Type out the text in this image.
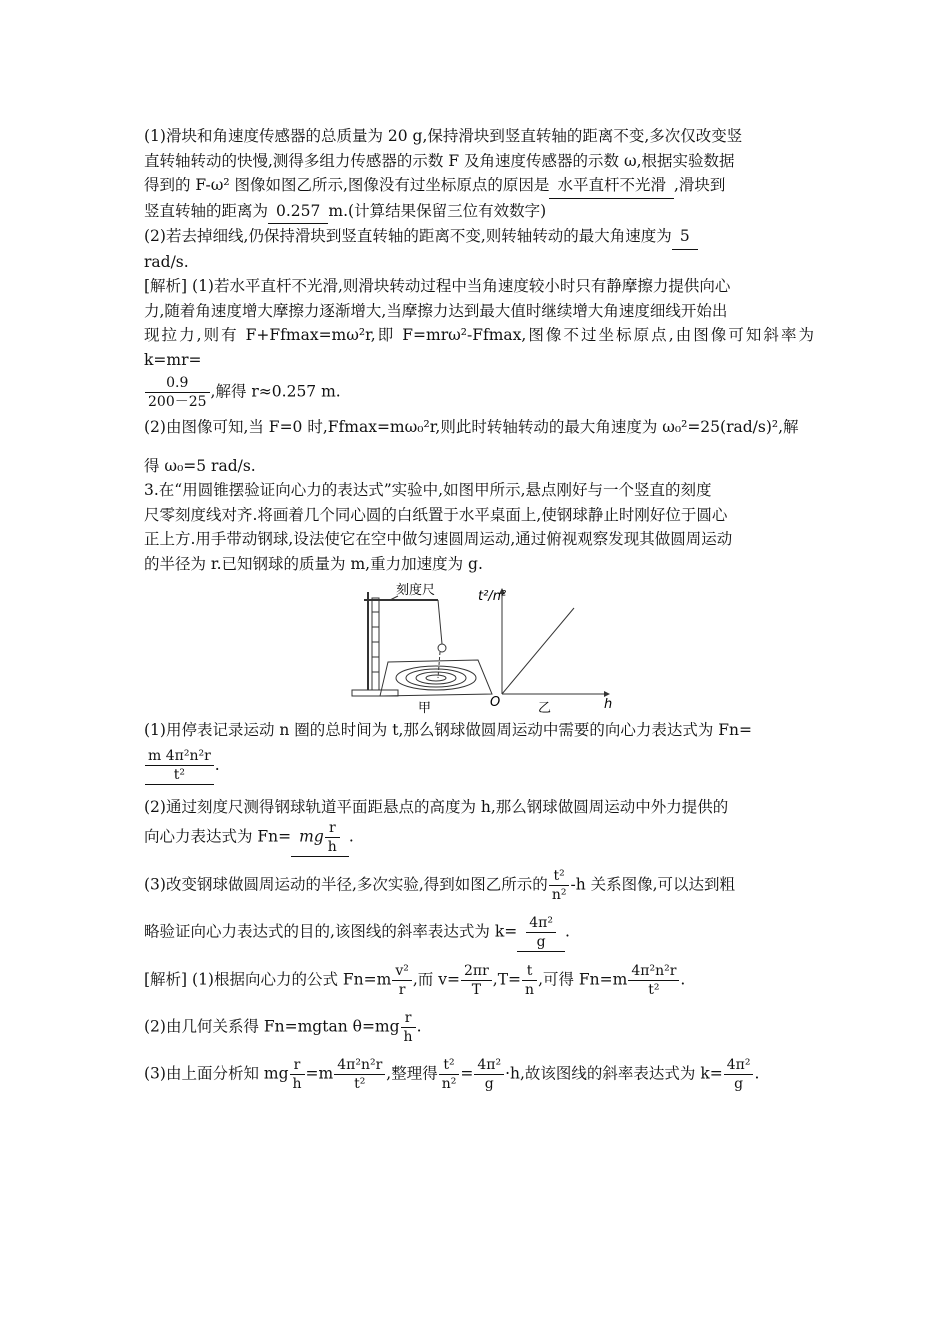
(1)滑块和角速度传感器的总质量为 20 g,保持滑块到竖直转轴的距离不变,多次仅改变竖

直转轴转动的快慢,测得多组力传感器的示数 F 及角速度传感器的示数 ω,根据实验数据

得到的 F-ω² 图像如图乙所示,图像没有过坐标原点的原因是 水平直杆不光滑 ,滑块到

竖直转轴的距离为 0.257 m.(计算结果保留三位有效数字)

(2)若去掉细线,仍保持滑块到竖直转轴的距离不变,则转轴转动的最大角速度为 5

rad/s.

[解析] (1)若水平直杆不光滑,则滑块转动过程中当角速度较小时只有静摩擦力提供向心

力,随着角速度增大摩擦力逐渐增大,当摩擦力达到最大值时继续增大角速度细线开始出

现拉力,则有 F+Ffmax=mω²r,即 F=mrω²-Ffmax,图像不过坐标原点,由图像可知斜率为 k=mr=

$\frac{0.9}{200-25}$ ,解得 r≈0.257 m.

(2)由图像可知,当 F=0 时,Ffmax=mω₀²r,则此时转轴转动的最大角速度为 ω₀²=25(rad/s)²,解

得 ω₀=5 rad/s.

3.在“用圆锥摆验证向心力的表达式”实验中,如图甲所示,悬点刚好与一个竖直的刻度

尺零刻度线对齐.将画着几个同心圆的白纸置于水平桌面上,使钢球静止时刚好位于圆心

正上方.用手带动钢球,设法使它在空中做匀速圆周运动,通过俯视观察发现其做圆周运动

的半径为 r.已知钢球的质量为 m,重力加速度为 g.

刻度尺
甲
t²/n²
h
O	乙

(1)用停表记录运动 n 圈的总时间为 t,那么钢球做圆周运动中需要的向心力表达式为 Fn=

$\frac{\text{m 4π²n²r}}{\text{t²}}$ .

(2)通过刻度尺测得钢球轨道平面距悬点的高度为 h,那么钢球做圆周运动中外力提供的

向心力表达式为 Fn= mg $\frac{r}{h}$ .

(3)改变钢球做圆周运动的半径,多次实验,得到如图乙所示的 $\frac{\text{t²}}{\text{n²}} -h$ 关系图像,可以达到粗

略验证向心力表达式的目的,该图线的斜率表达式为 $k= \frac{\text{4π²}}{g}$ .

[解析] (1)根据向心力的公式 $Fn=m \frac{\text{v²}}{r}$ ,而 $v= \frac{2\pi r}{T} ,T= \frac{t}{n}$ ,可得 $Fn=m \frac{\text{4π²n²r}}{\text{t²}}$ .

(2)由几何关系得 Fn=mgtan $\theta=mg \frac{r}{h}$ .

(3)由上面分析知 mg $\frac{r}{h} =m \frac{\text{4π²n²r}}{\text{t²}}$ ,整理得 $\frac{\text{t²}}{\text{n²}} = \frac{\text{4π²}}{g} \cdot h$,故该图线的斜率表达式为 $k= \frac{\text{4π²}}{g}$ .
